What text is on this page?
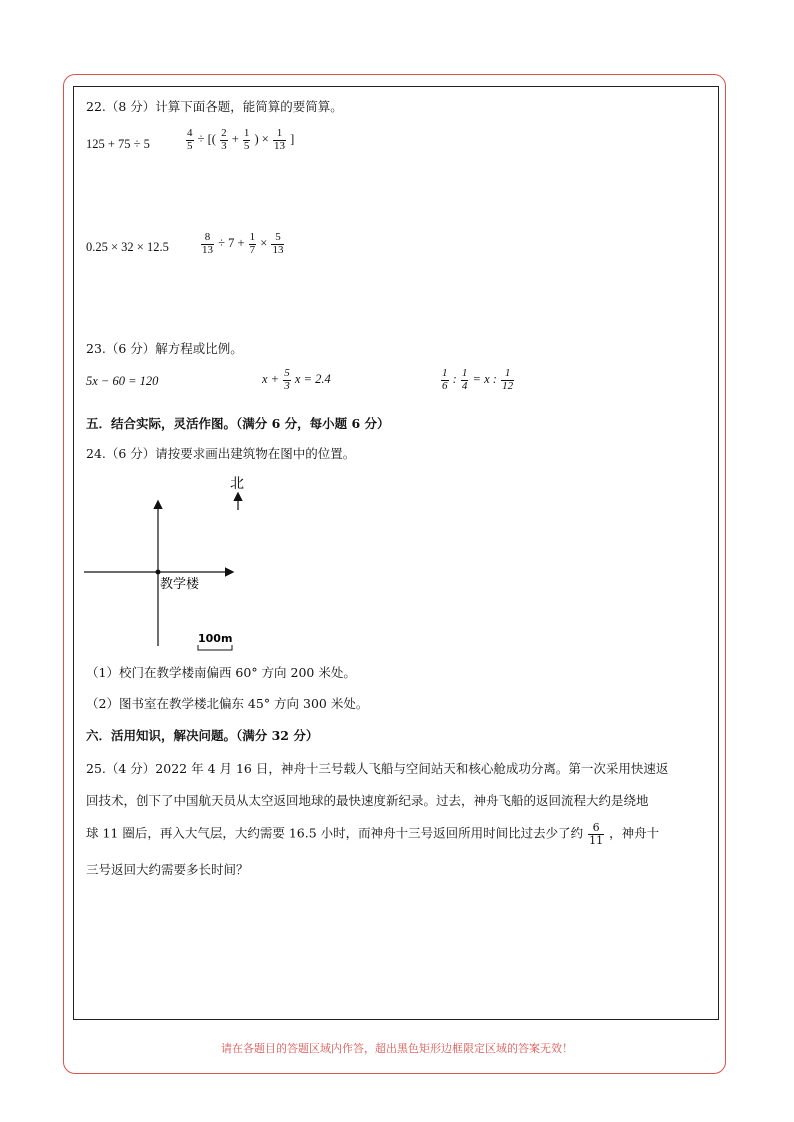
22.（8 分）计算下面各题，能简算的要简算。
125 + 75 ÷ 5	$\frac{4}{5}$ ÷ [( $\frac{2}{3} + \frac{1}{5}$ ) × $\frac{1}{13}$ ]
0.25 × 32 × 12.5	$\frac{8}{13} \div 7 + \frac{1}{7} \times \frac{5}{13}$
23.（6 分）解方程或比例。
5x − 60 = 120	$x + \frac{5}{3}$ x = 2.4	$\frac{1}{6}$ : $\frac{1}{4} = x$ : $\frac{1}{12}$
五．结合实际，灵活作图。（满分 6 分，每小题 6 分）
24.（6 分）请按要求画出建筑物在图中的位置。
北
教学楼
100m
（1）校门在教学楼南偏西 60° 方向 200 米处。
（2）图书室在教学楼北偏东 45° 方向 300 米处。
六．活用知识，解决问题。（满分 32 分）
25.（4 分）2022 年 4 月 16 日，神舟十三号载人飞船与空间站天和核心舱成功分离。第一次采用快速返
回技术，创下了中国航天员从太空返回地球的最快速度新纪录。过去，神舟飞船的返回流程大约是绕地
球 11 圈后，再入大气层，大约需要 16.5 小时，而神舟十三号返回所用时间比过去少了约 $\frac{6}{11}$ ，神舟十
三号返回大约需要多长时间？
请在各题目的答题区域内作答，超出黑色矩形边框限定区域的答案无效！
